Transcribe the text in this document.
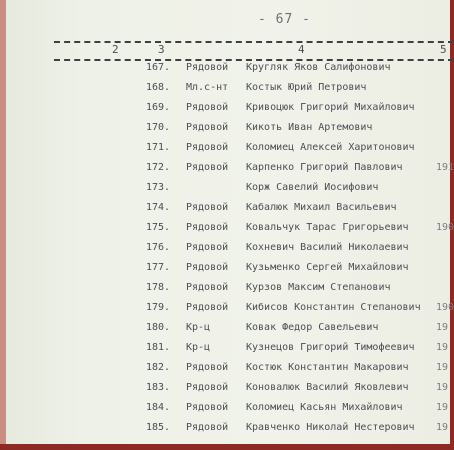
- 67 -
2	3	4	5
167. Рядовой Кругляк Яков Салифонович
168. Мл.с-нт Костык Юрий Петрович
169. Рядовой Кривоцюк Григорий Михайлович
170. Рядовой Кикоть Иван Артемович
171. Рядовой Коломиец Алексей Харитонович
172. Рядовой Карпенко Григорий Павлович	191
173.	Корж Савелий Иосифович
174. Рядовой Кабалюк Михаил Васильевич
175. Рядовой Ковальчук Тарас Григорьевич	190
176. Рядовой Кохневич Василий Николаевич
177. Рядовой Кузьменко Сергей Михайлович
178. Рядовой Курзов Максим Степанович
179. Рядовой Кибисов Константин Степанович 190
180. Кр-ц	Ковак Федор Савельевич	19
181. Кр-ц	Кузнецов Григорий Тимофеевич 19
182. Рядовой Костюк Константин Макарович	19
183. Рядовой Коновалюк Василий Яковлевич	19
184. Рядовой Коломиец Касьян Михайлович	19
185. Рядовой Кравченко Николай Нестерович 19
